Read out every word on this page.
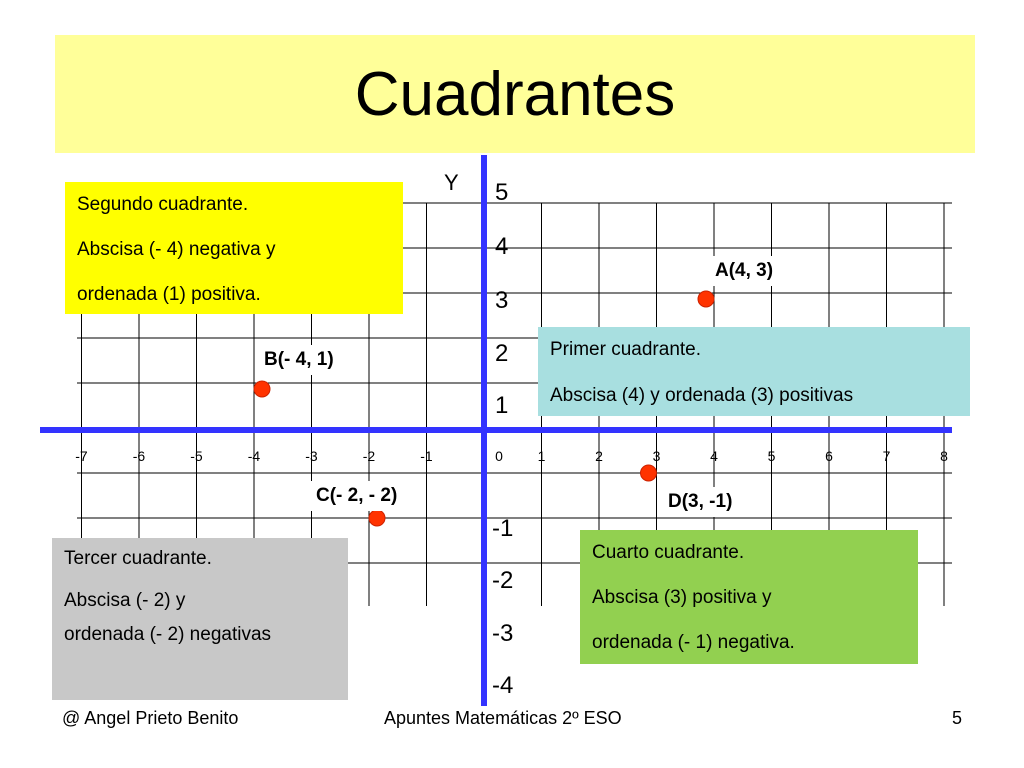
Cuadrantes
-7	-6	-5	-4	-3	-2	-1	0 1	2	3	4	5	6	7	8
5
4
3
2
1
-1
-2
-3
-4
Y
A(4, 3)
B(- 4, 1)
C(- 2, - 2)	D(3, -1)

Segundo cuadrante.

Abscisa (- 4) negativa y

ordenada (1) positiva.

Primer cuadrante.

Abscisa (4) y ordenada (3) positivas

Tercer cuadrante.

Abscisa (- 2) y

ordenada (- 2) negativas

Cuarto cuadrante.

Abscisa (3) positiva y

ordenada (- 1) negativa.

@ Angel Prieto Benito	Apuntes Matemáticas 2º ESO	5
